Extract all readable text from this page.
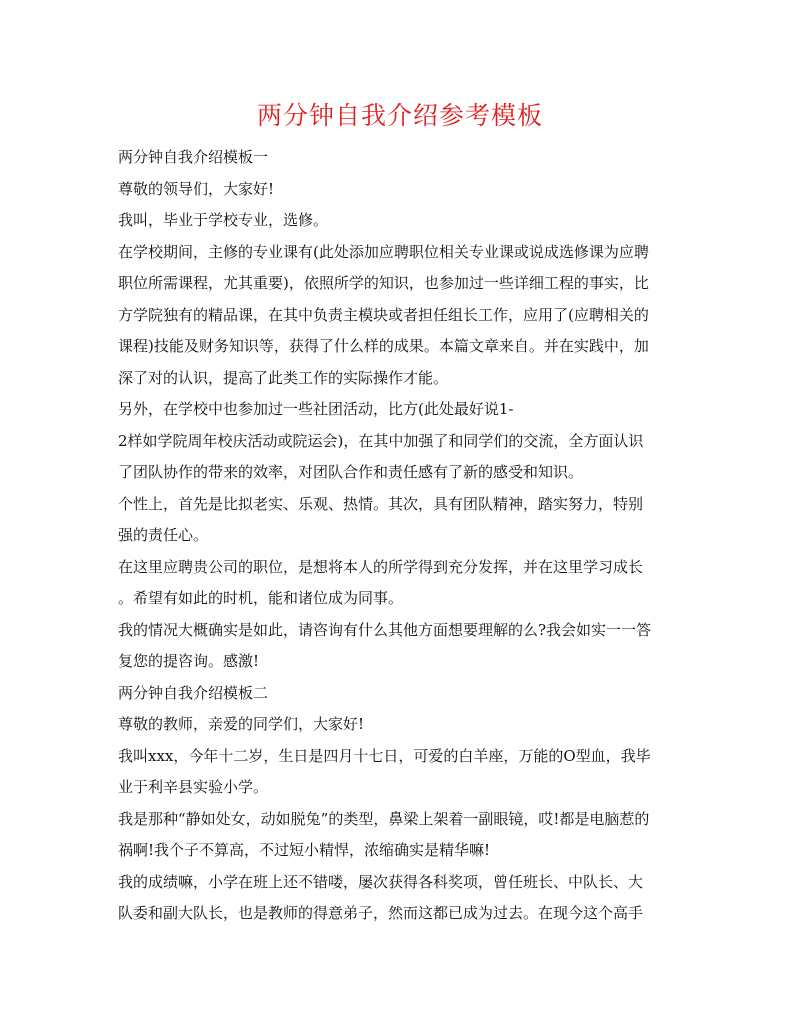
两分钟自我介绍参考模板

两分钟自我介绍模板一

尊敬的领导们，大家好!

我叫，毕业于学校专业，选修。

在学校期间，主修的专业课有(此处添加应聘职位相关专业课或说成选修课为应聘

职位所需课程，尤其重要)，依照所学的知识，也参加过一些详细工程的事实，比

方学院独有的精品课，在其中负责主模块或者担任组长工作，应用了(应聘相关的

课程)技能及财务知识等，获得了什么样的成果。本篇文章来自。并在实践中，加

深了对的认识，提高了此类工作的实际操作才能。

另外，在学校中也参加过一些社团活动，比方(此处最好说1-

2样如学院周年校庆活动或院运会)，在其中加强了和同学们的交流，全方面认识

了团队协作的带来的效率，对团队合作和责任感有了新的感受和知识。

个性上，首先是比拟老实、乐观、热情。其次，具有团队精神，踏实努力，特别

强的责任心。

在这里应聘贵公司的职位，是想将本人的所学得到充分发挥，并在这里学习成长

。希望有如此的时机，能和诸位成为同事。

我的情况大概确实是如此，请咨询有什么其他方面想要理解的么?我会如实一一答

复您的提咨询。感激!

两分钟自我介绍模板二

尊敬的教师，亲爱的同学们，大家好!

我叫xxx，今年十二岁，生日是四月十七日，可爱的白羊座，万能的O型血，我毕

业于利辛县实验小学。

我是那种“静如处女，动如脱兔”的类型，鼻梁上架着一副眼镜，哎!都是电脑惹的

祸啊!我个子不算高，不过短小精悍，浓缩确实是精华嘛!

我的成绩嘛，小学在班上还不错喽，屡次获得各科奖项，曾任班长、中队长、大

队委和副大队长，也是教师的得意弟子，然而这都已成为过去。在现今这个高手
